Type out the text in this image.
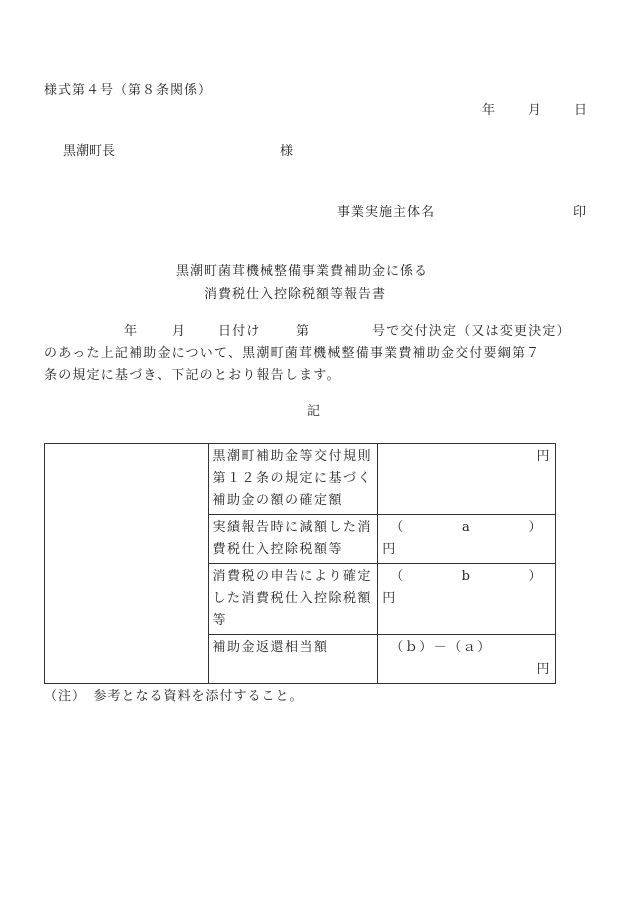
様式第４号（第８条関係）
年	月	日
黒潮町長	様
事業実施主体名	印
黒潮町菌茸機械整備事業費補助金に係る
消費税仕入控除税額等報告書
年	月 日付け	第	号で交付決定（又は変更決定）
のあった上記補助金について、黒潮町菌茸機械整備事業費補助金交付要綱第７
条の規定に基づき、下記のとおり報告します。
記
	黒潮町補助金等交付規則第１２条の規定に基づく補助金の額の確定額	円
	実績報告時に減額した消費税仕入控除税額等	（ a ）
円

	消費税の申告により確定した消費税仕入控除税額等	（ b ）
円

	補助金返還相当額	（ｂ）－（ａ）
円
（注）　参考となる資料を添付すること。
